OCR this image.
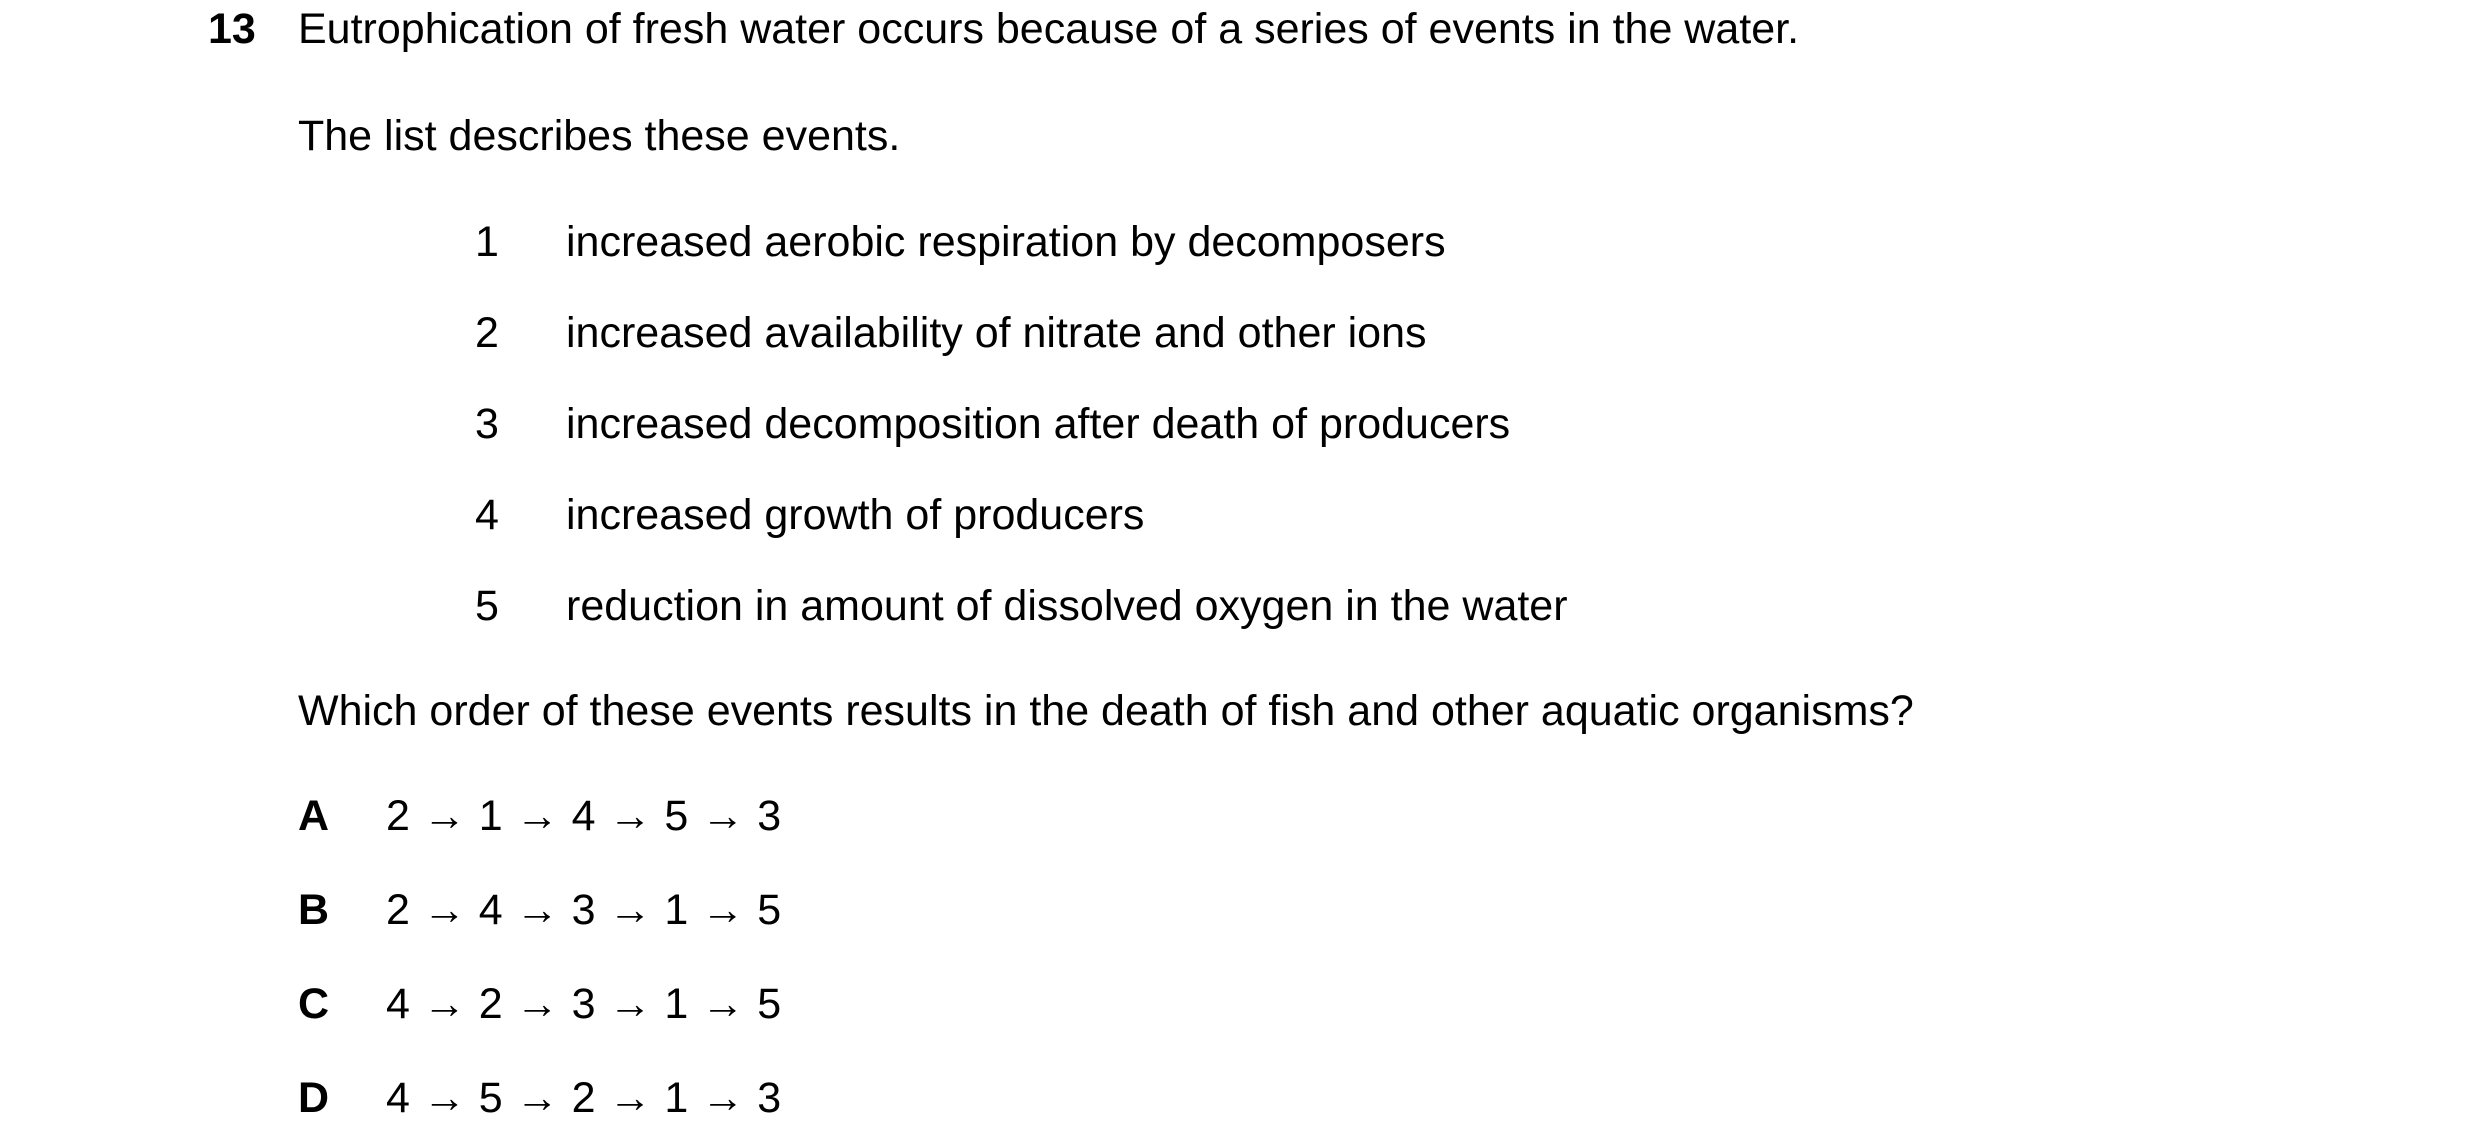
13 Eutrophication of fresh water occurs because of a series of events in the water.
The list describes these events.
1 increased aerobic respiration by decomposers
2 increased availability of nitrate and other ions
3 increased decomposition after death of producers
4 increased growth of producers
5 reduction in amount of dissolved oxygen in the water
Which order of these events results in the death of fish and other aquatic organisms?
A 2 → 1 → 4 → 5 → 3
B 2 → 4 → 3 → 1 → 5
C 4 → 2 → 3 → 1 → 5
D 4 → 5 → 2 → 1 → 3
